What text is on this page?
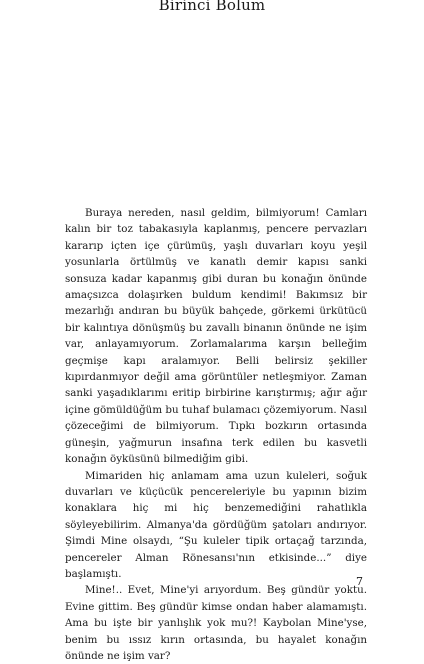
Birinci Bölüm

Buraya nereden, nasıl geldim, bilmiyorum! Camları kalın bir toz tabakasıyla kaplanmış, pencere pervazları kararıp içten içe çürümüş, yaşlı duvarları koyu yeşil yosunlarla örtülmüş ve kanatlı demir kapısı sanki sonsuza kadar kapanmış gibi duran bu konağın önünde amaçsızca dolaşırken buldum kendimi! Bakımsız bir mezarlığı andıran bu büyük bahçede, görkemi ürkütücü bir kalıntıya dönüşmüş bu zavallı binanın önünde ne işim var, anlayamıyorum. Zorlamalarıma karşın belleğim geçmişe kapı aralamıyor. Belli belirsiz şekiller kıpırdanmıyor değil ama görüntüler netleşmiyor. Zaman sanki yaşadıklarımı eritip birbirine karıştırmış; ağır ağır içine gömüldüğüm bu tuhaf bulamacı çözemiyorum. Nasıl çözeceğimi de bilmiyorum. Tıpkı bozkırın ortasında güneşin, yağmurun insafına terk edilen bu kasvetli konağın öyküsünü bilmediğim gibi.

Mimariden hiç anlamam ama uzun kuleleri, soğuk duvarları ve küçücük pencereleriyle bu yapının bizim konaklara hiç mi hiç benzemediğini rahatlıkla söyleyebilirim. Almanya'da gördüğüm şatoları andırıyor. Şimdi Mine olsaydı, “Şu kuleler tipik ortaçağ tarzında, pencereler Alman Rönesansı'nın etkisinde...” diye başlamıştı.

Mine!.. Evet, Mine'yi arıyordum. Beş gündür yoktu. Evine gittim. Beş gündür kimse ondan haber alamamıştı. Ama bu işte bir yanlışlık yok mu?! Kaybolan Mine'yse, benim bu ıssız kırın ortasında, bu hayalet konağın önünde ne işim var?

7
